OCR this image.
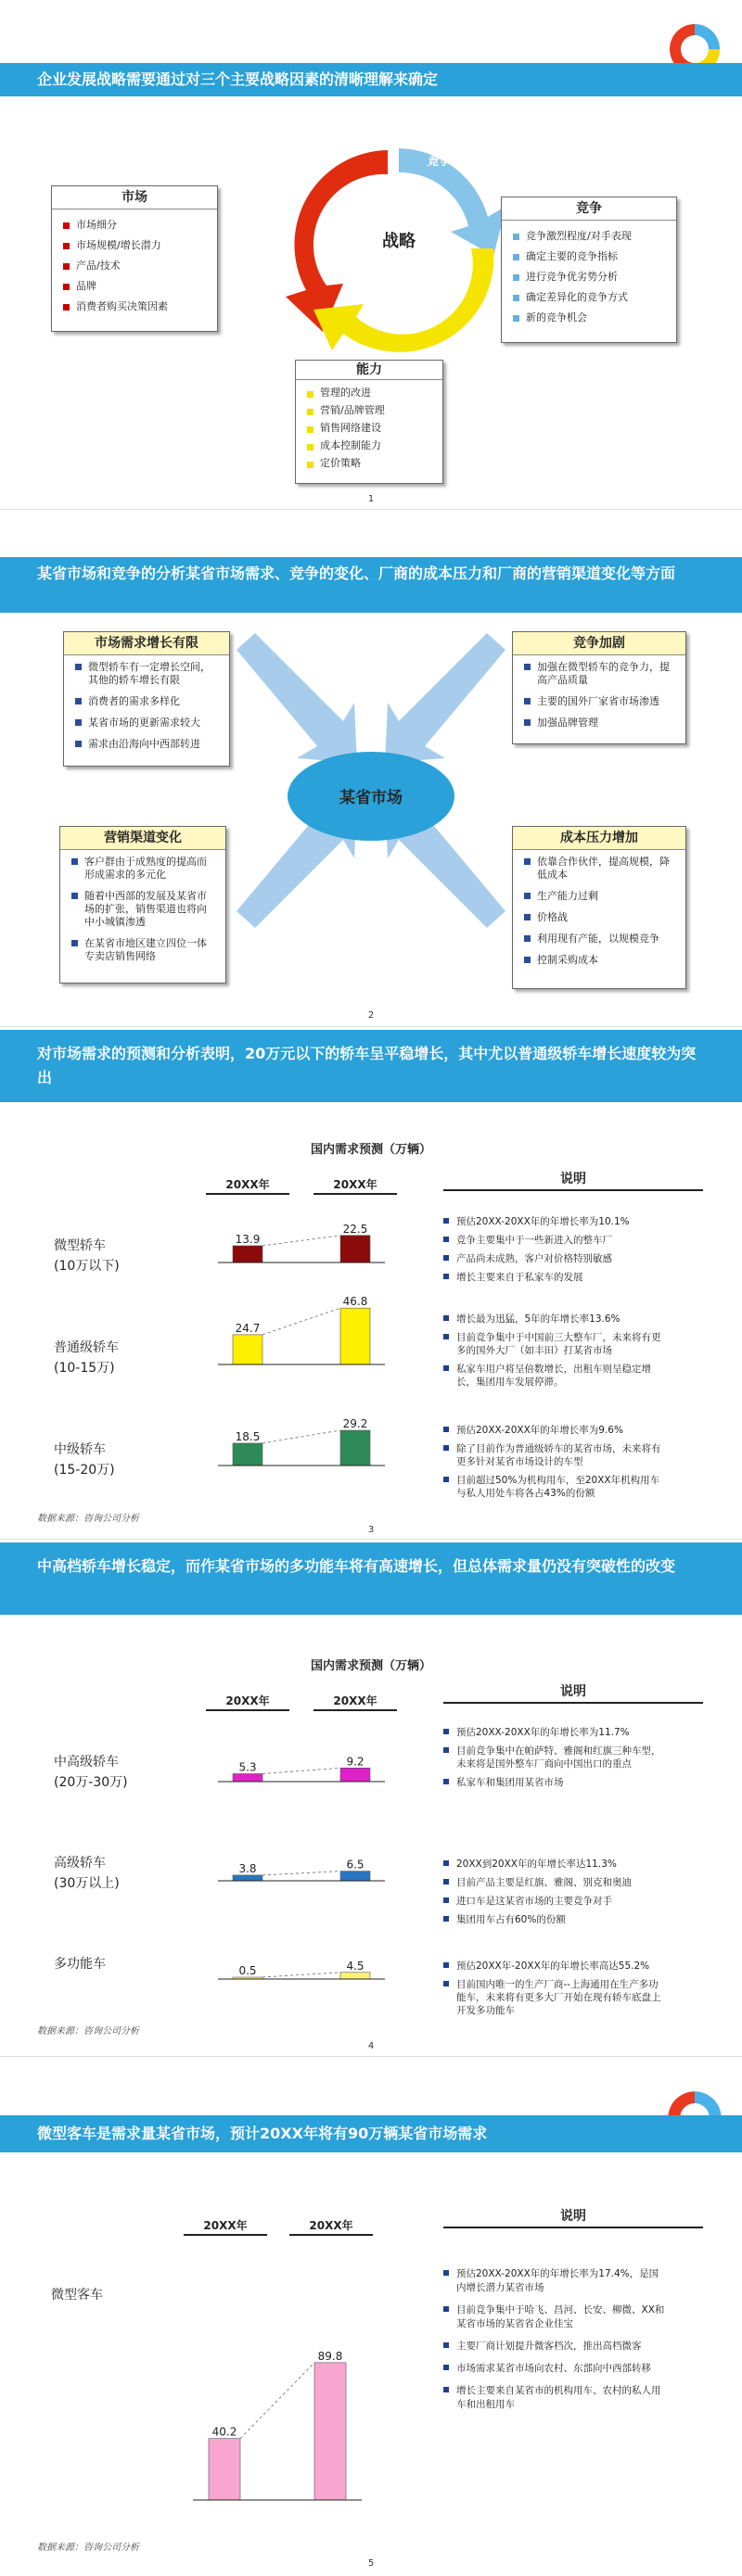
企业发展战略需要通过对三个主要战略因素的清晰理解来确定
市场
市场细分
市场规模/增长潜力
产品/技术
品牌
消费者购买决策因素
战略
市场
竞争
能力
竞争
竞争激烈程度/对手表现
确定主要的竞争指标
进行竞争优劣势分析
确定差异化的竞争方式
新的竞争机会
能力
管理的改进
营销/品牌管理
销售网络建设
成本控制能力
定价策略
1
某省市场和竞争的分析某省市场需求、竞争的变化、厂商的成本压力和厂商的营销渠道变化等方面
某省市场
市场需求增长有限
微型轿车有一定增长空间，其他的轿车增长有限
消费者的需求多样化
某省市场的更新需求较大
需求由沿海向中西部转进
竞争加剧
加强在微型轿车的竞争力，提高产品质量
主要的国外厂家省市场渗透
加强品牌管理
营销渠道变化
客户群由于成熟度的提高而形成需求的多元化
随着中西部的发展及某省市场的扩张，销售渠道也将向中小城镇渗透
在某省市地区建立四位一体专卖店销售网络
成本压力增加
依靠合作伙伴，提高规模，降低成本
生产能力过剩
价格战
利用现有产能，以规模竞争
控制采购成本
2
对市场需求的预测和分析表明，20万元以下的轿车呈平稳增长，其中尤以普通级轿车增长速度较为突出
国内需求预测（万辆）
20XX年	20XX年	说明
微型轿车
(10万以下)
普通级轿车
(10-15万)
中级轿车
(15-20万)
13.9
22.5
24.7
46.8
18.5
29.2
预估20XX-20XX年的年增长率为10.1%
竞争主要集中于一些新进入的整车厂
产品尚未成熟，客户对价格特别敏感
增长主要来自于私家车的发展
增长最为迅猛，5年的年增长率13.6%
目前竞争集中于中国前三大整车厂，未来将有更多的国外大厂（如丰田）打某省市场
私家车用户将呈倍数增长，出租车则呈稳定增长，集团用车发展停滞。
预估20XX-20XX年的年增长率为9.6%
除了目前作为普通级轿车的某省市场，未来将有更多针对某省市场设计的车型
目前超过50%为机构用车，至20XX年机构用车与私人用处车将各占43%的份额
数据来源：咨询公司分析
3
中高档轿车增长稳定，而作某省市场的多功能车将有高速增长，但总体需求量仍没有突破性的改变
国内需求预测（万辆）
20XX年	20XX年
说明
中高级轿车
(20万-30万)
高级轿车
(30万以上)
多功能车
5.3	9.2
3.8	6.5
0.5	4.5
预估20XX-20XX年的年增长率为11.7%
目前竞争集中在帕萨特、雅阁和红旗三种车型，未来将是国外整车厂商向中国出口的重点
私家车和集团用某省市场
20XX到20XX年的年增长率达11.3%
目前产品主要是红旗、雅阁、别克和奥迪
进口车是这某省市场的主要竞争对手
集团用车占有60%的份额
预估20XX年-20XX年的年增长率高达55.2%
目前国内唯一的生产厂商--上海通用在生产多功能车，未来将有更多大厂开始在现有轿车底盘上开发多功能车
数据来源：咨询公司分析
4
微型客车是需求量某省市场，预计20XX年将有90万辆某省市场需求
20XX年	20XX年
说明
微型客车
40.2
89.8
预估20XX-20XX年的年增长率为17.4%，是国内增长潜力某省市场
目前竞争集中于哈飞、昌河、长安、柳微、XX和某省市场的某省省企业佳宝
主要厂商计划提升微客档次，推出高档微客
市场需求某省市场向农村、东部向中西部转移
增长主要来自某省市的机构用车、农村的私人用车和出租用车
数据来源：咨询公司分析
5
